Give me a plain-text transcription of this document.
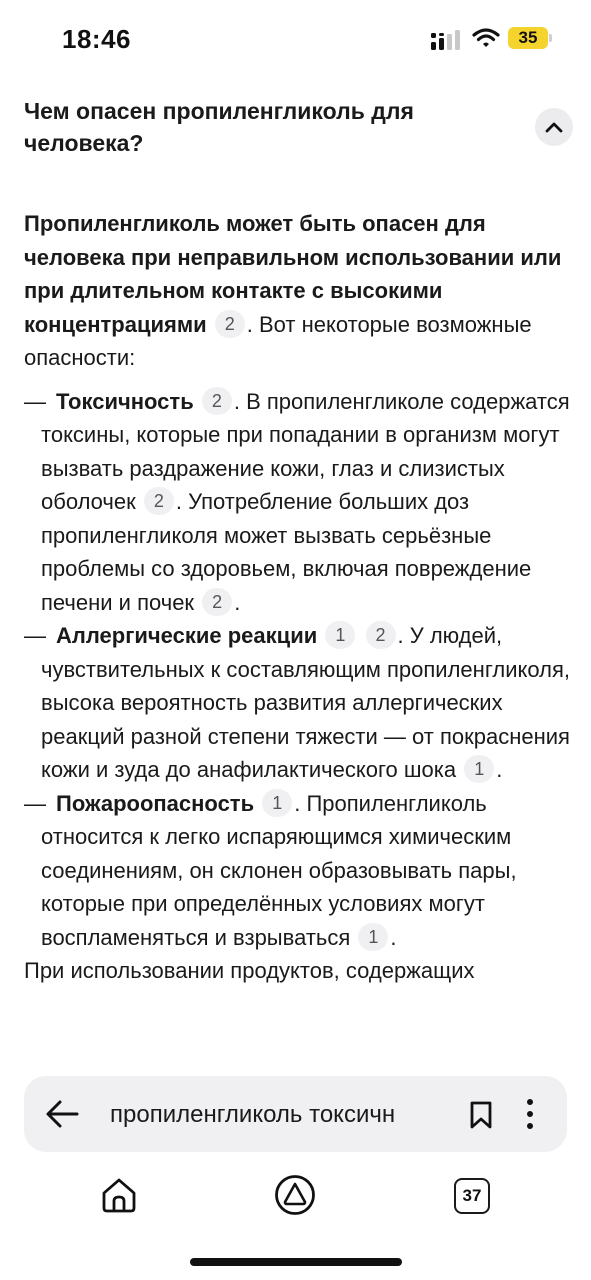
18:46	35
Чем опасен пропиленгликоль для человека?

Пропиленгликоль может быть опасен для человека при неправильном использовании или при длительном контакте с высокими концентрациями 2 . Вот некоторые возможные опасности:

— Токсичность 2 . В пропиленгликоле содержатся токсины, которые при попадании в организм могут вызвать раздражение кожи, глаз и слизистых оболочек 2 . Употребление больших доз пропиленгликоля может вызвать серьёзные проблемы со здоровьем, включая повреждение печени и почек 2 .

— Аллергические реакции 1 2 . У людей, чувствительных к составляющим пропиленгликоля, высока вероятность развития аллергических реакций разной степени тяжести — от покраснения кожи и зуда до анафилактического шока 1 .

— Пожароопасность 1 . Пропиленгликоль относится к легко испаряющимся химическим соединениям, он склонен образовывать пары, которые при определённых условиях могут воспламеняться и взрываться 1 .

При использовании продуктов, содержащих

пропиленгликоль токсичн
37
